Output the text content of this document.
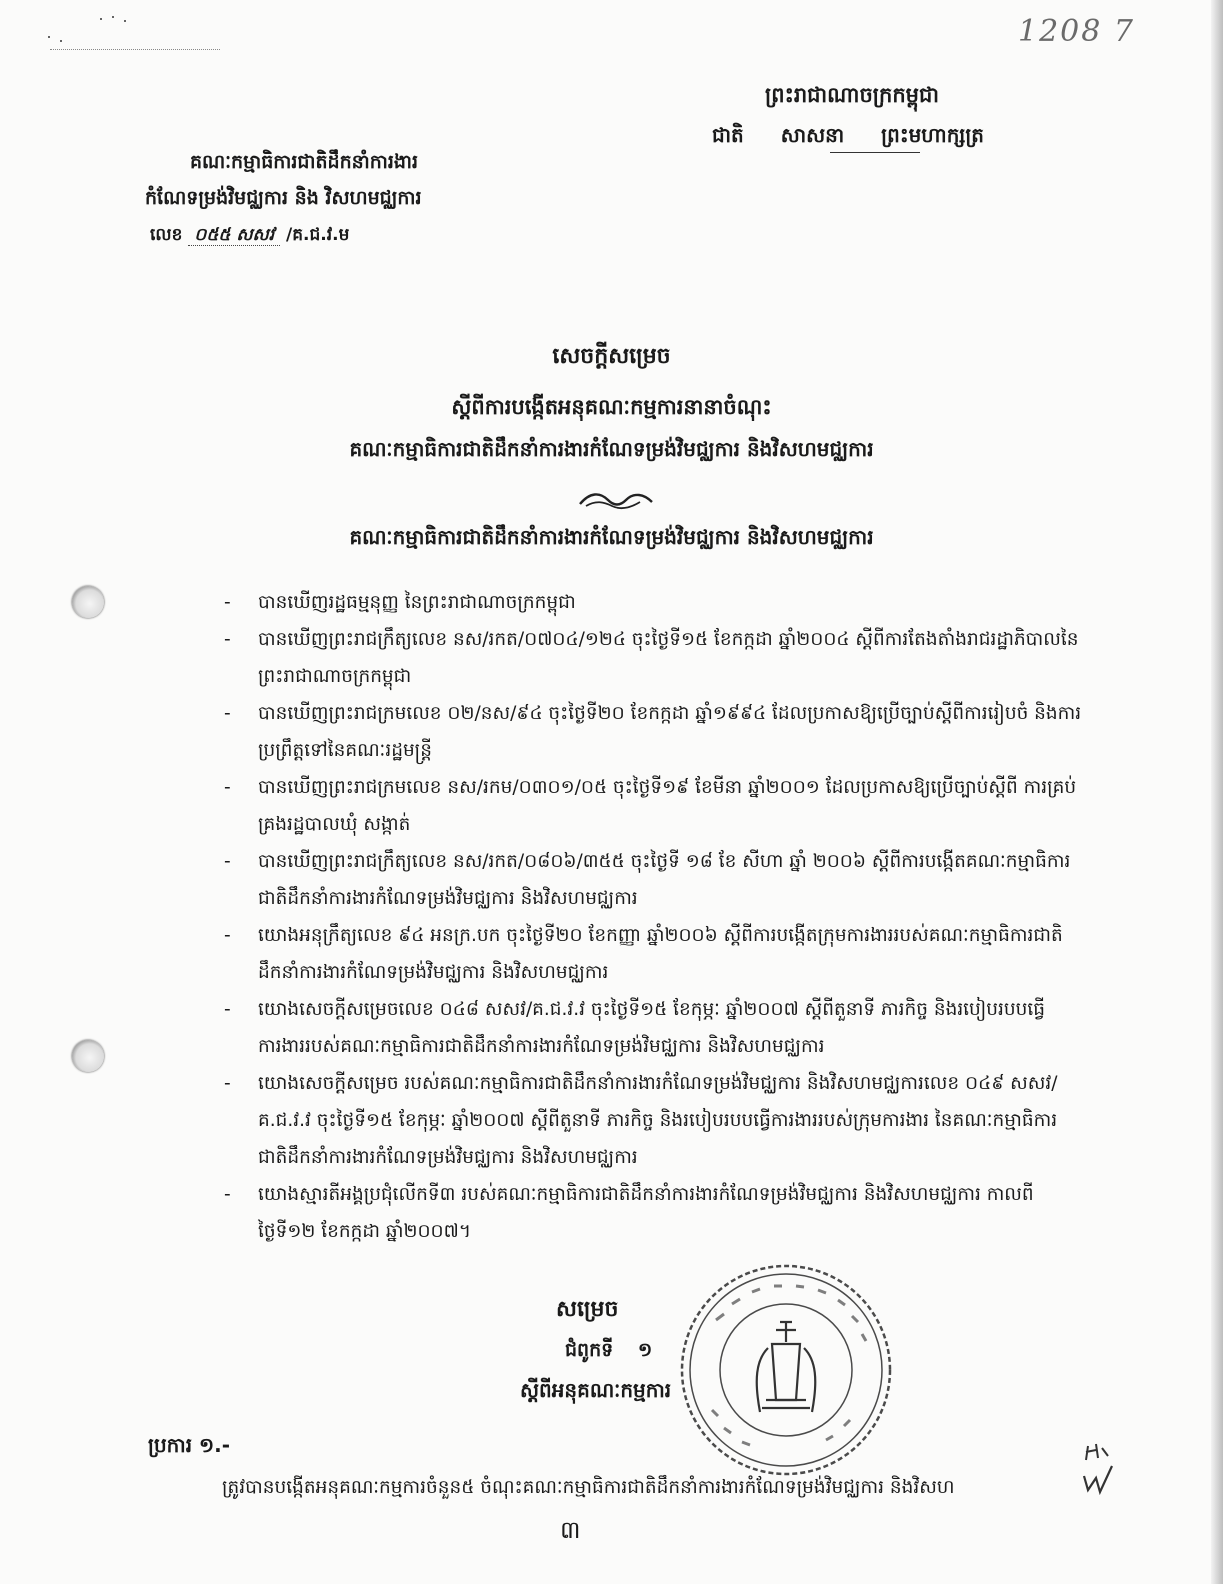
1208 7
ព្រះរាជាណាចក្រកម្ពុជា
ជាតិ សាសនា ព្រះមហាក្សត្រ
គណៈកម្មាធិការជាតិដឹកនាំការងារ
កំណែទម្រង់វិមជ្ឈការ និង វិសហមជ្ឈការ
លេខ ០៥៥ សសវ /គ.ជ.វ.ម
សេចក្តីសម្រេច
ស្តីពីការបង្កើតអនុគណៈកម្មការនានាចំណុះ
គណៈកម្មាធិការជាតិដឹកនាំការងារកំណែទម្រង់វិមជ្ឈការ និងវិសហមជ្ឈការ
គណៈកម្មាធិការជាតិដឹកនាំការងារកំណែទម្រង់វិមជ្ឈការ និងវិសហមជ្ឈការ
- បានឃើញរដ្ឋធម្មនុញ្ញ នៃព្រះរាជាណាចក្រកម្ពុជា
- បានឃើញព្រះរាជក្រឹត្យលេខ នស/រកត/០៧០៤/១២៤ ចុះថ្ងៃទី១៥ ខែកក្កដា ឆ្នាំ២០០៤ ស្តីពីការតែងតាំងរាជរដ្ឋាភិបាលនៃព្រះរាជាណាចក្រកម្ពុជា
- បានឃើញព្រះរាជក្រមលេខ ០២/នស/៩៤ ចុះថ្ងៃទី២០ ខែកក្កដា ឆ្នាំ១៩៩៤ ដែលប្រកាសឱ្យប្រើច្បាប់ស្តីពីការរៀបចំ និងការប្រព្រឹត្តទៅនៃគណៈរដ្ឋមន្ត្រី
- បានឃើញព្រះរាជក្រមលេខ នស/រកម/០៣០១/០៥ ចុះថ្ងៃទី១៩ ខែមីនា ឆ្នាំ២០០១ ដែលប្រកាសឱ្យប្រើច្បាប់ស្តីពី ការគ្រប់គ្រងរដ្ឋបាលឃុំ សង្កាត់
- បានឃើញព្រះរាជក្រឹត្យលេខ នស/រកត/០៨០៦/៣៥៥ ចុះថ្ងៃទី ១៨ ខែ សីហា ឆ្នាំ ២០០៦ ស្តីពីការបង្កើតគណៈកម្មាធិការជាតិដឹកនាំការងារកំណែទម្រង់វិមជ្ឈការ និងវិសហមជ្ឈការ
- យោងអនុក្រឹត្យលេខ ៩៤ អនក្រ.បក ចុះថ្ងៃទី២០ ខែកញ្ញា ឆ្នាំ២០០៦ ស្តីពីការបង្កើតក្រុមការងាររបស់គណៈកម្មាធិការជាតិដឹកនាំការងារកំណែទម្រង់វិមជ្ឈការ និងវិសហមជ្ឈការ
- យោងសេចក្តីសម្រេចលេខ ០៤៨ សសវ/គ.ជ.វ.វ ចុះថ្ងៃទី១៥ ខែកុម្ភៈ ឆ្នាំ២០០៧ ស្តីពីតួនាទី ភារកិច្ច និងរបៀបរបបធ្វើការងាររបស់គណៈកម្មាធិការជាតិដឹកនាំការងារកំណែទម្រង់វិមជ្ឈការ និងវិសហមជ្ឈការ
- យោងសេចក្តីសម្រេច របស់គណៈកម្មាធិការជាតិដឹកនាំការងារកំណែទម្រង់វិមជ្ឈការ និងវិសហមជ្ឈការលេខ ០៤៩ សសវ/គ.ជ.វ.វ ចុះថ្ងៃទី១៥ ខែកុម្ភៈ ឆ្នាំ២០០៧ ស្តីពីតួនាទី ភារកិច្ច និងរបៀបរបបធ្វើការងាររបស់ក្រុមការងារ នៃគណៈកម្មាធិការជាតិដឹកនាំការងារកំណែទម្រង់វិមជ្ឈការ និងវិសហមជ្ឈការ
- យោងស្មារតីអង្គប្រជុំលើកទី៣ របស់គណៈកម្មាធិការជាតិដឹកនាំការងារកំណែទម្រង់វិមជ្ឈការ និងវិសហមជ្ឈការ កាលពីថ្ងៃទី១២ ខែកក្កដា ឆ្នាំ២០០៧។
សម្រេច
ជំពូកទី ១
ស្តីពីអនុគណៈកម្មការ
ប្រការ ១.-
ត្រូវបានបង្កើតអនុគណៈកម្មការចំនួន៥ ចំណុះគណៈកម្មាធិការជាតិដឹកនាំការងារកំណែទម្រង់វិមជ្ឈការ និងវិសហ
៣
